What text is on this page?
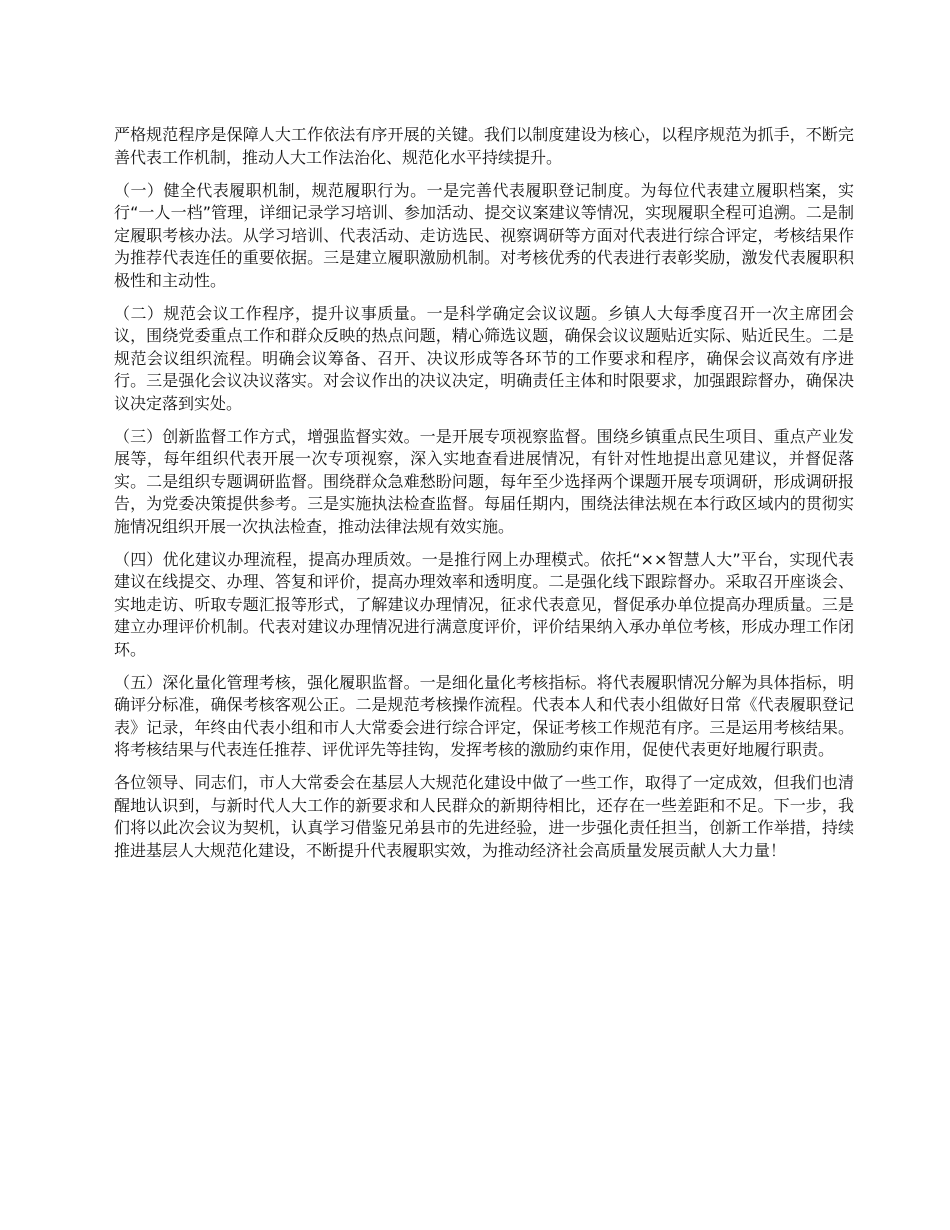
严格规范程序是保障人大工作依法有序开展的关键。我们以制度建设为核心，以程序规范为抓手，不断完善代表工作机制，推动人大工作法治化、规范化水平持续提升。

（一）健全代表履职机制，规范履职行为。一是完善代表履职登记制度。为每位代表建立履职档案，实行“一人一档”管理，详细记录学习培训、参加活动、提交议案建议等情况，实现履职全程可追溯。二是制定履职考核办法。从学习培训、代表活动、走访选民、视察调研等方面对代表进行综合评定，考核结果作为推荐代表连任的重要依据。三是建立履职激励机制。对考核优秀的代表进行表彰奖励，激发代表履职积极性和主动性。

（二）规范会议工作程序，提升议事质量。一是科学确定会议议题。乡镇人大每季度召开一次主席团会议，围绕党委重点工作和群众反映的热点问题，精心筛选议题，确保会议议题贴近实际、贴近民生。二是规范会议组织流程。明确会议筹备、召开、决议形成等各环节的工作要求和程序，确保会议高效有序进行。三是强化会议决议落实。对会议作出的决议决定，明确责任主体和时限要求，加强跟踪督办，确保决议决定落到实处。

（三）创新监督工作方式，增强监督实效。一是开展专项视察监督。围绕乡镇重点民生项目、重点产业发展等，每年组织代表开展一次专项视察，深入实地查看进展情况，有针对性地提出意见建议，并督促落实。二是组织专题调研监督。围绕群众急难愁盼问题，每年至少选择两个课题开展专项调研，形成调研报告，为党委决策提供参考。三是实施执法检查监督。每届任期内，围绕法律法规在本行政区域内的贯彻实施情况组织开展一次执法检查，推动法律法规有效实施。

（四）优化建议办理流程，提高办理质效。一是推行网上办理模式。依托“××智慧人大”平台，实现代表建议在线提交、办理、答复和评价，提高办理效率和透明度。二是强化线下跟踪督办。采取召开座谈会、实地走访、听取专题汇报等形式，了解建议办理情况，征求代表意见，督促承办单位提高办理质量。三是建立办理评价机制。代表对建议办理情况进行满意度评价，评价结果纳入承办单位考核，形成办理工作闭环。

（五）深化量化管理考核，强化履职监督。一是细化量化考核指标。将代表履职情况分解为具体指标，明确评分标准，确保考核客观公正。二是规范考核操作流程。代表本人和代表小组做好日常《代表履职登记表》记录，年终由代表小组和市人大常委会进行综合评定，保证考核工作规范有序。三是运用考核结果。将考核结果与代表连任推荐、评优评先等挂钩，发挥考核的激励约束作用，促使代表更好地履行职责。

各位领导、同志们，市人大常委会在基层人大规范化建设中做了一些工作，取得了一定成效，但我们也清醒地认识到，与新时代人大工作的新要求和人民群众的新期待相比，还存在一些差距和不足。下一步，我们将以此次会议为契机，认真学习借鉴兄弟县市的先进经验，进一步强化责任担当，创新工作举措，持续推进基层人大规范化建设，不断提升代表履职实效，为推动经济社会高质量发展贡献人大力量！
